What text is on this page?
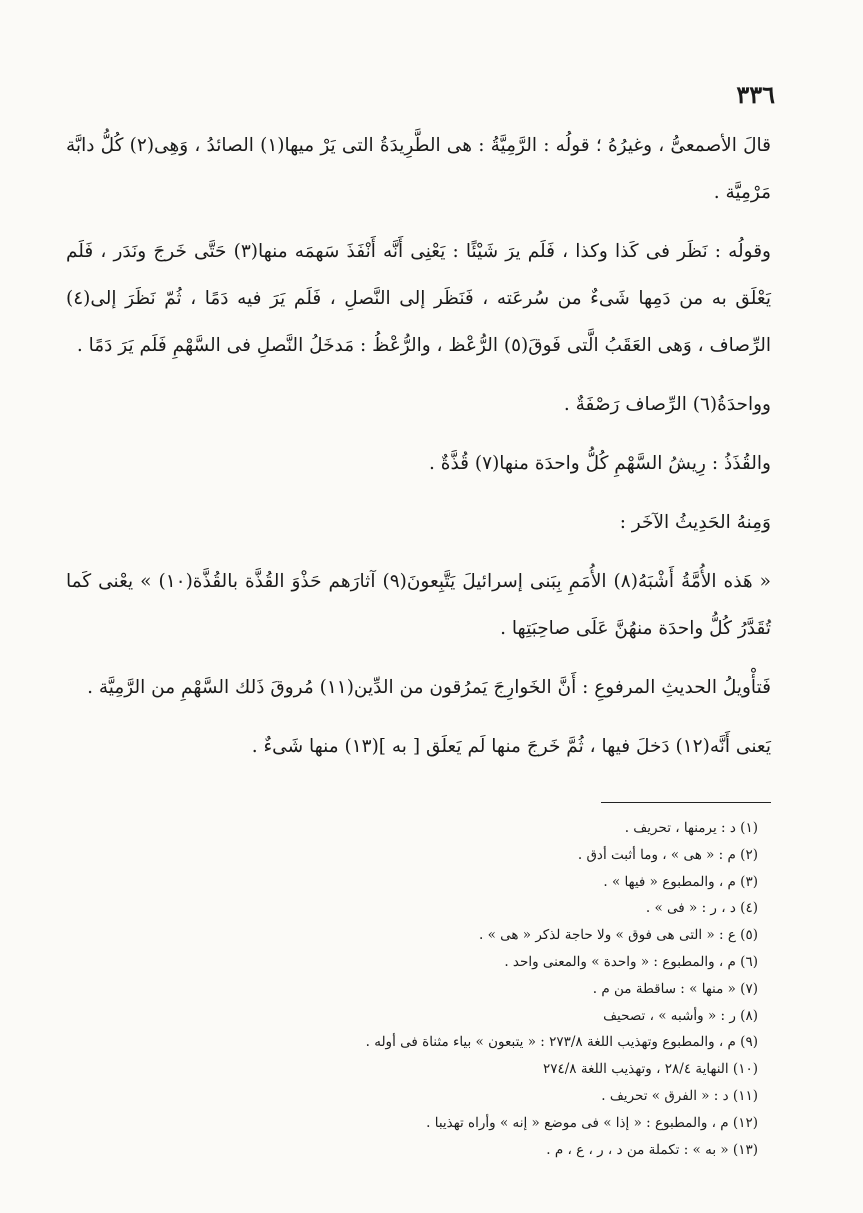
٣٣٦

قالَ الأصمعىُّ ، وغيرُهُ ؛ قولُه : الرَّمِيَّةُ : هى الطَّرِيدَةُ التى يَرْ ميها(١) الصائدُ ، وَهِى(٢) كُلُّ دابَّة مَرْمِيَّة .

وقولُه : نَظَر فى كَذا وكذا ، فَلَم يرَ شَيْئًا : يَعْنِى أَنَّه أَنْفَذَ سَهمَه منها(٣) حَتَّى خَرجَ ونَدَر ، فَلَم يَعْلَق به من دَمِها شَىءٌ من سُرعَته ، فَنَظَر إلى النَّصلِ ، فَلَم يَرَ فيه دَمًا ، ثُمّ نَظَرَ إلى(٤) الرِّصاف ، وَهى العَقَبُ الَّتى فَوقَ(٥) الرُّعْظ ، والرُّعْظُ : مَدخَلُ النَّصلِ فى السَّهْمِ فَلَم يَرَ دَمًا .

وواحدَةُ(٦) الرِّصاف رَصْفَةٌ .

والقُذَذُ : رِيشُ السَّهْمِ كُلُّ واحدَة منها(٧) قُذَّةٌ .

وَمِنهُ الحَدِيثُ الآخَر :

« هَذه الأُمَّةُ أَشْبَهُ(٨) الأُمَمِ بِبَنى إسرائيلَ يَتَّبِعونَ(٩) آثارَهم حَذْوَ القُذَّة بالقُذَّة(١٠) » يعْنى كَما تُقَدَّرُ كُلُّ واحدَة منهُنَّ عَلَى صاحِبَتِها .

فَتأْويلُ الحديثِ المرفوعِ : أَنَّ الخَوارِجَ يَمرُقون من الدِّين(١١) مُروقَ ذَلك السَّهْمِ من الرَّمِيَّة .

يَعنى أَنَّه(١٢) دَخلَ فيها ، ثُمَّ خَرجَ منها لَم يَعلَق [ به ](١٣) منها شَىءٌ .

(١) د : يرمنها ، تحريف .
(٢) م : « هى » ، وما أثبت أدق .
(٣) م ، والمطبوع « فيها » .
(٤) د ، ر : « فى » .
(٥) ع : « التى هى فوق » ولا حاجة لذكر « هى » .
(٦) م ، والمطبوع : « واحدة » والمعنى واحد .
(٧) « منها » : ساقطة من م .
(٨) ر : « وأشبه » ، تصحيف
(٩) م ، والمطبوع وتهذيب اللغة ٢٧٣/٨ : « يتبعون » بياء مثناة فى أوله .
(١٠) النهاية ٢٨/٤ ، وتهذيب اللغة ٢٧٤/٨
(١١) د : « الفرق » تحريف .
(١٢) م ، والمطبوع : « إذا » فى موضع « إنه » وأراه تهذيبا .
(١٣) « به » : تكملة من د ، ر ، ع ، م .
